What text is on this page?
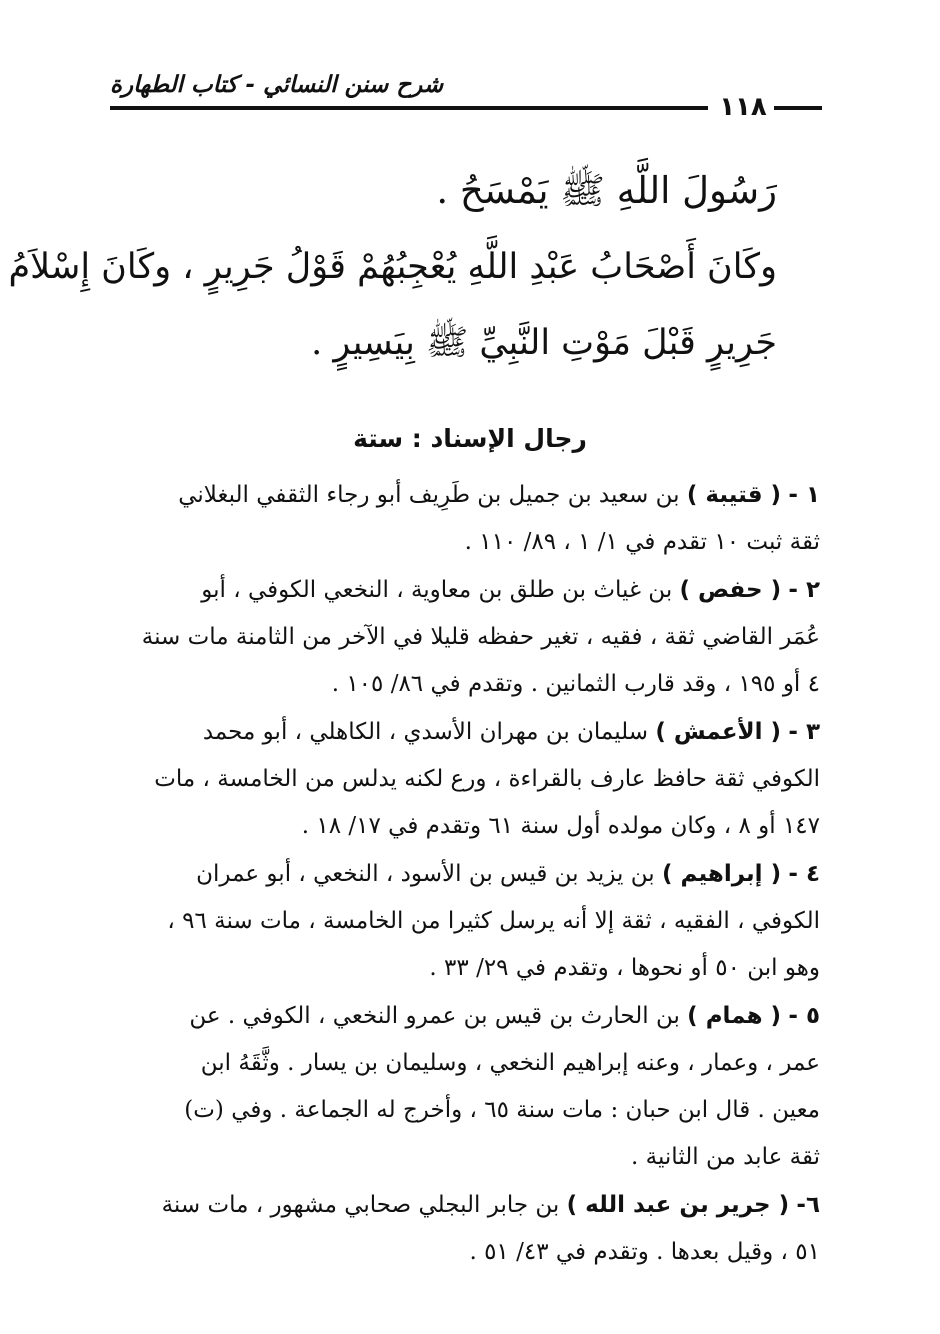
شرح سنن النسائي - كتاب الطهارة
١١٨
رَسُولَ اللَّهِ ﷺ يَمْسَحُ .
وكَانَ أَصْحَابُ عَبْدِ اللَّهِ يُعْجِبُهُمْ قَوْلُ جَرِيرٍ ، وكَانَ إِسْلاَمُ
جَرِيرٍ قَبْلَ مَوْتِ النَّبِيِّ ﷺ بِيَسِيرٍ .
رجال الإسناد : ستة
١ - ( قتيبة ) بن سعيد بن جميل بن طَرِيف أبو رجاء الثقفي البغلاني
ثقة ثبت ١٠ تقدم في ١/ ١ ، ٨٩/ ١١٠ .
٢ - ( حفص ) بن غياث بن طلق بن معاوية ، النخعي الكوفي ، أبو
عُمَر القاضي ثقة ، فقيه ، تغير حفظه قليلا في الآخر من الثامنة مات سنة
٤ أو ١٩٥ ، وقد قارب الثمانين . وتقدم في ٨٦/ ١٠٥ .
٣ - ( الأعمش ) سليمان بن مهران الأسدي ، الكاهلي ، أبو محمد
الكوفي ثقة حافظ عارف بالقراءة ، ورع لكنه يدلس من الخامسة ، مات
١٤٧ أو ٨ ، وكان مولده أول سنة ٦١ وتقدم في ١٧/ ١٨ .
٤ - ( إبراهيم ) بن يزيد بن قيس بن الأسود ، النخعي ، أبو عمران
الكوفي ، الفقيه ، ثقة إلا أنه يرسل كثيرا من الخامسة ، مات سنة ٩٦ ،
وهو ابن ٥٠ أو نحوها ، وتقدم في ٢٩/ ٣٣ .
٥ - ( همام ) بن الحارث بن قيس بن عمرو النخعي ، الكوفي . عن
عمر ، وعمار ، وعنه إبراهيم النخعي ، وسليمان بن يسار . وثَّقَهُ ابن
معين . قال ابن حبان : مات سنة ٦٥ ، وأخرج له الجماعة . وفي (ت)
ثقة عابد من الثانية .
٦- ( جرير بن عبد الله ) بن جابر البجلي صحابي مشهور ، مات سنة
٥١ ، وقيل بعدها . وتقدم في ٤٣/ ٥١ .
